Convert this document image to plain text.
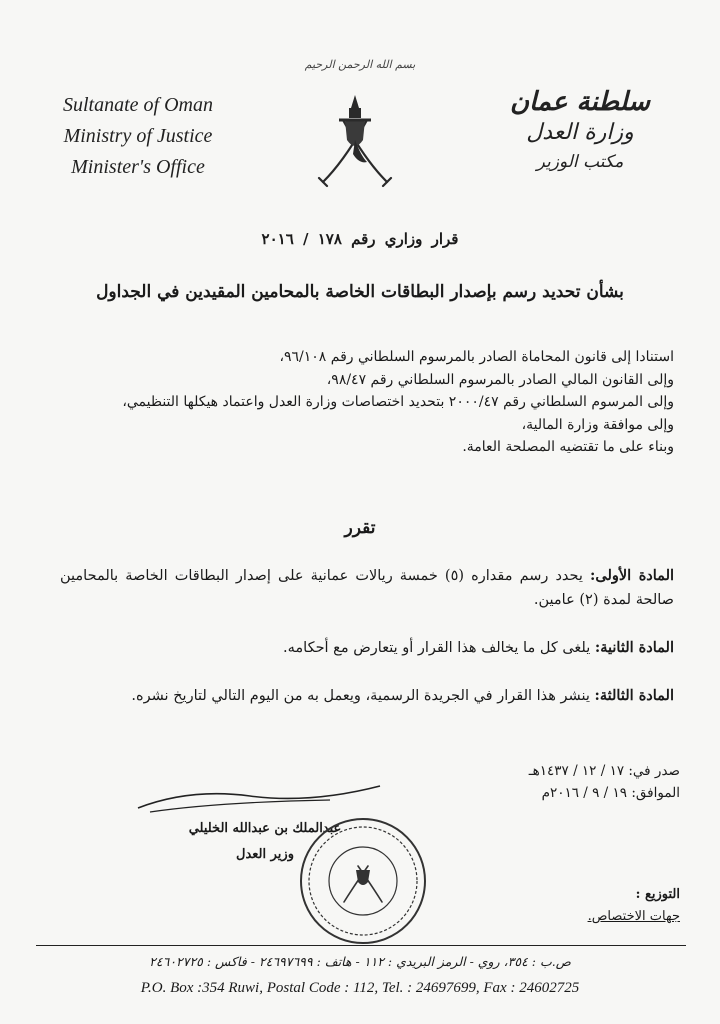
بسم الله الرحمن الرحيم
Sultanate of Oman
Ministry of Justice
Minister's Office
سلطنة عمان
وزارة العدل
مكتب الوزير
قرار وزاري رقم ١٧٨ / ٢٠١٦
بشأن تحديد رسم بإصدار البطاقات الخاصة بالمحامين المقيدين في الجداول

استنادا إلى قانون المحاماة الصادر بالمرسوم السلطاني رقم ٩٦/١٠٨،

وإلى القانون المالي الصادر بالمرسوم السلطاني رقم ٩٨/٤٧،

وإلى المرسوم السلطاني رقم ٢٠٠٠/٤٧ بتحديد اختصاصات وزارة العدل واعتماد هيكلها التنظيمي،

وإلى موافقة وزارة المالية،

وبناء على ما تقتضيه المصلحة العامة.

تقرر
المادة الأولى: يحدد رسم مقداره (٥) خمسة ريالات عمانية على إصدار البطاقات الخاصة بالمحامين صالحة لمدة (٢) عامين.
المادة الثانية: يلغى كل ما يخالف هذا القرار أو يتعارض مع أحكامه.
المادة الثالثة: ينشر هذا القرار في الجريدة الرسمية، ويعمل به من اليوم التالي لتاريخ نشره.
صدر في: ١٧ / ١٢ / ١٤٣٧هـ
الموافق: ١٩ / ٩ / ٢٠١٦م
عبدالملك بن عبدالله الخليلي
وزير العدل
التوزيع :
جهات الاختصاص.
ص.ب : ٣٥٤، روي - الرمز البريدي : ١١٢ - هاتف : ٢٤٦٩٧٦٩٩ - فاكس : ٢٤٦٠٢٧٢٥
P.O. Box :354 Ruwi, Postal Code : 112, Tel. : 24697699, Fax : 24602725
